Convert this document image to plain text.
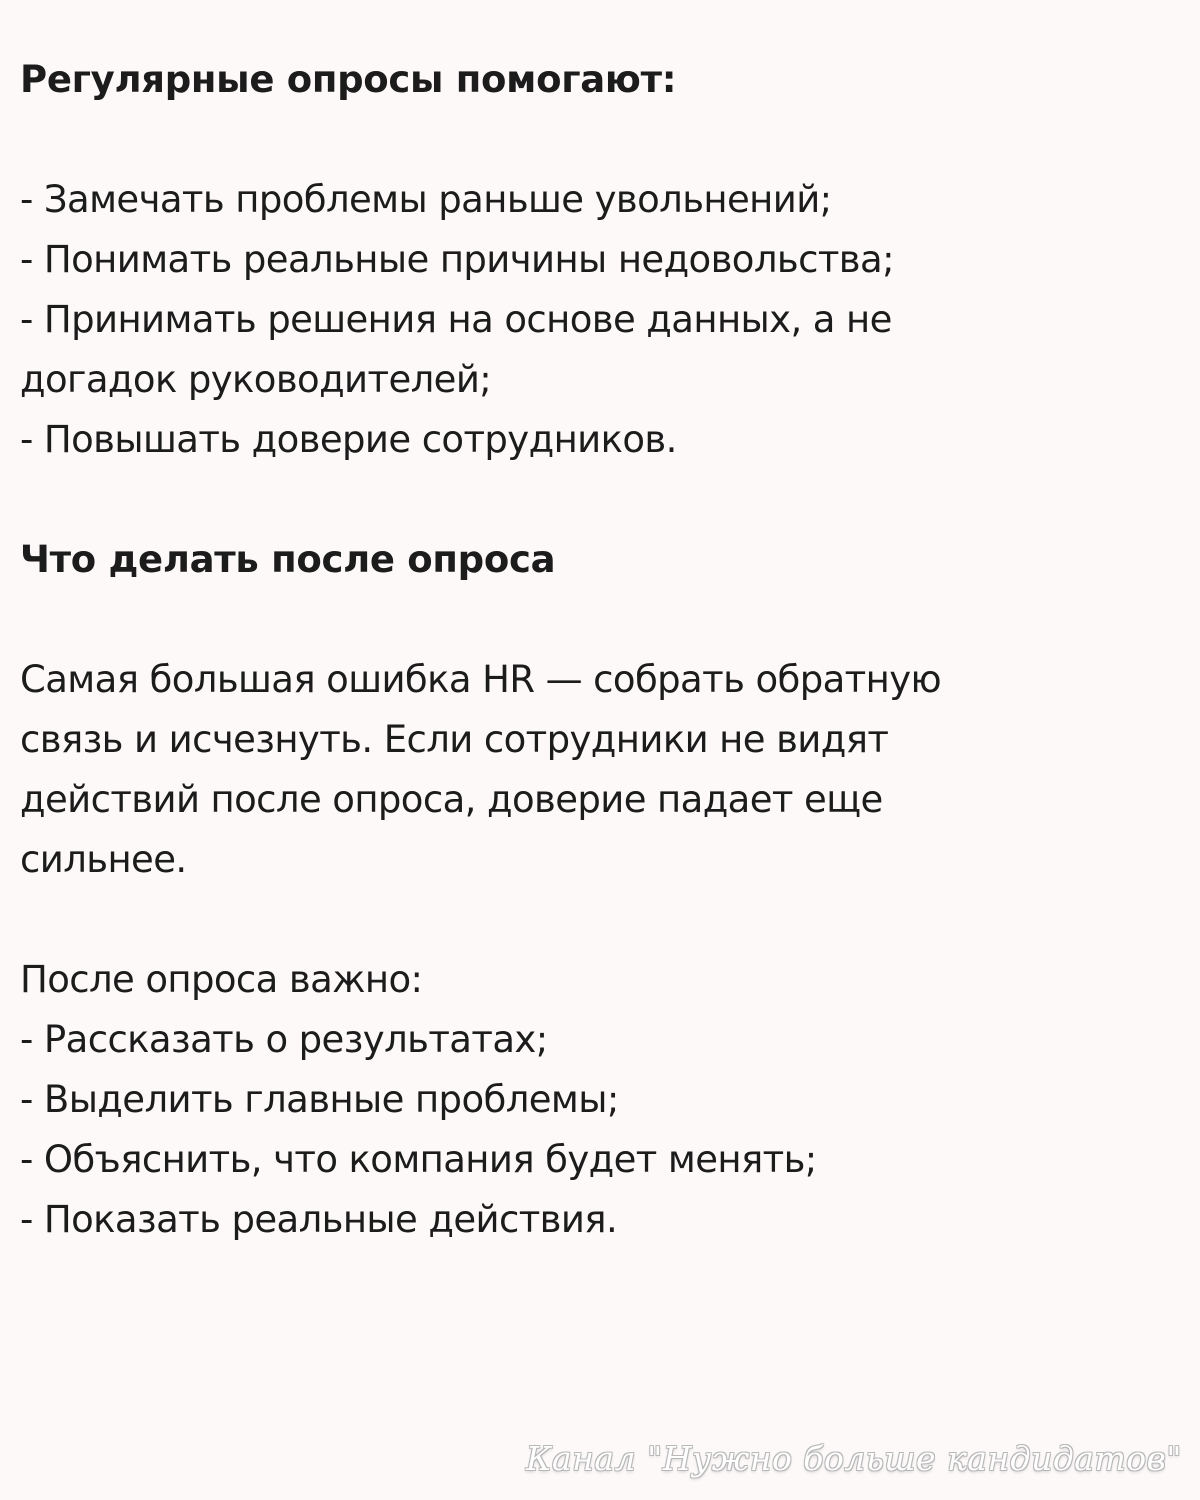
Регулярные опросы помогают:

- Замечать проблемы раньше увольнений;

- Понимать реальные причины недовольства;

- Принимать решения на основе данных, а не

догадок руководителей;

- Повышать доверие сотрудников.

Что делать после опроса

Самая большая ошибка HR — собрать обратную

связь и исчезнуть. Если сотрудники не видят

действий после опроса, доверие падает еще

сильнее.

После опроса важно:

- Рассказать о результатах;

- Выделить главные проблемы;

- Объяснить, что компания будет менять;

- Показать реальные действия.

Канал "Нужно больше кандидатов"
